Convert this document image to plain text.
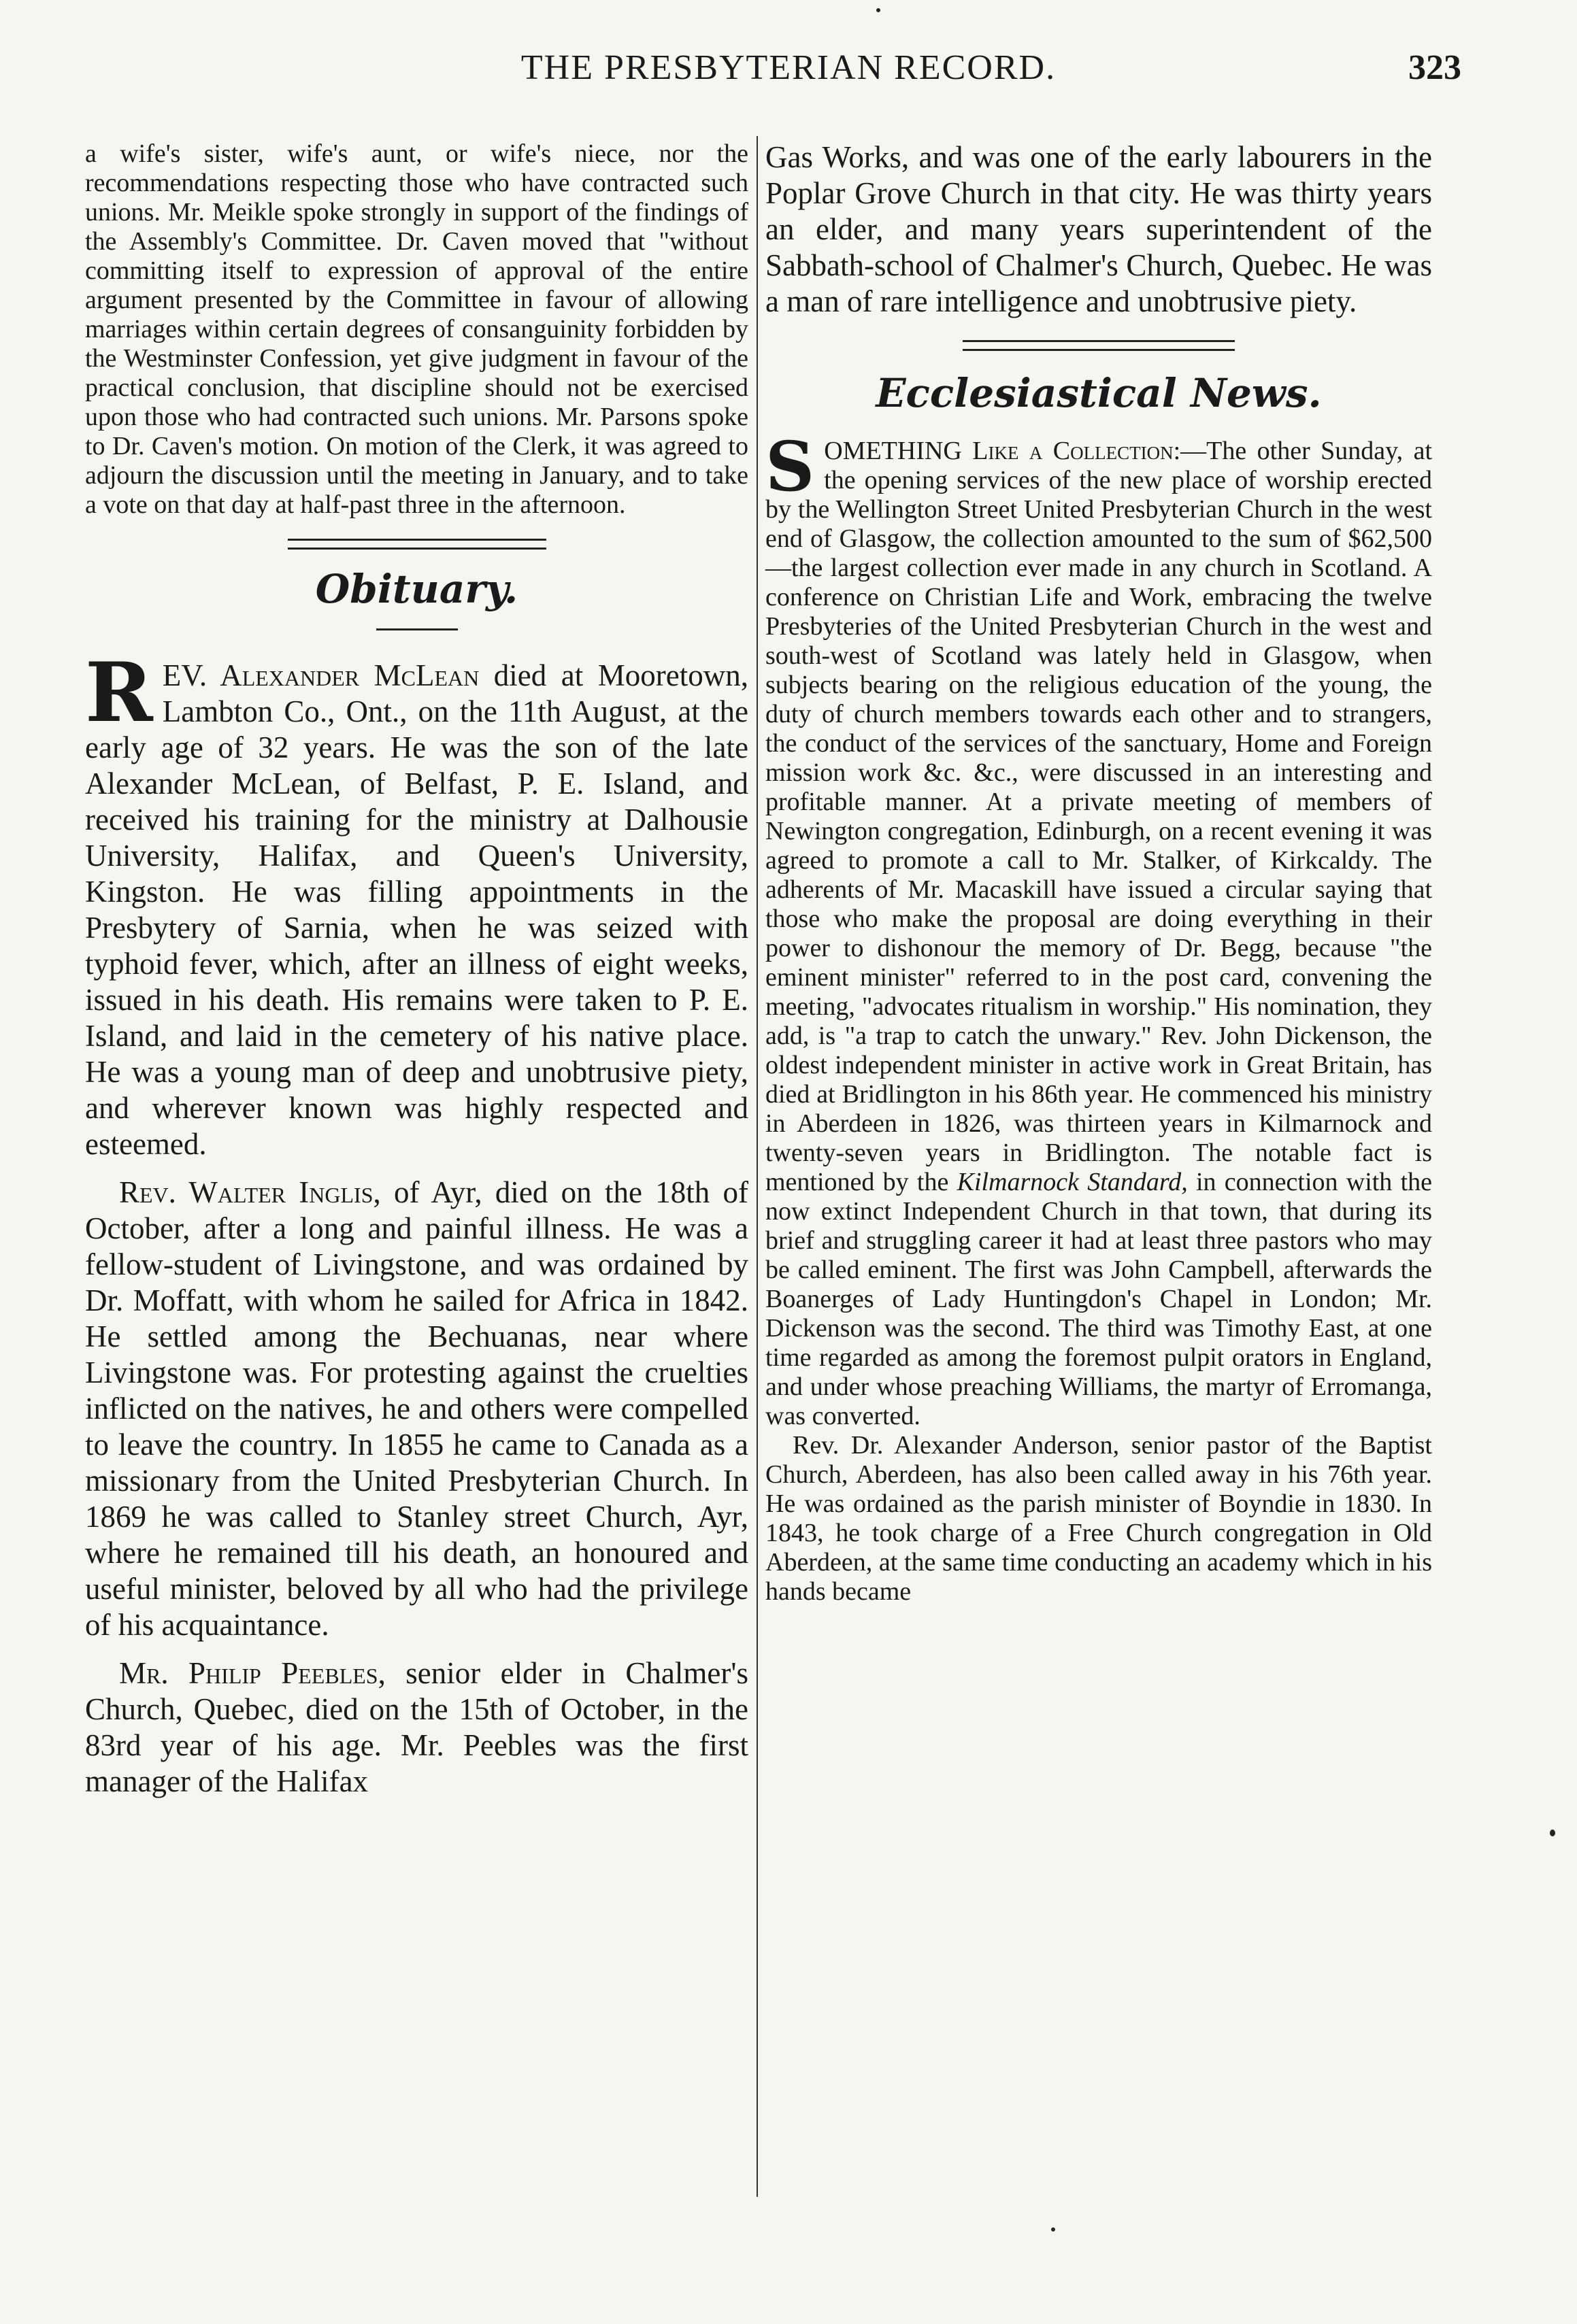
THE PRESBYTERIAN RECORD.	323

a wife's sister, wife's aunt, or wife's niece, nor the recommendations respecting those who have contracted such unions. Mr. Meikle spoke strongly in support of the findings of the Assembly's Committee. Dr. Caven moved that "without committing itself to expression of approval of the entire argument presented by the Committee in favour of allowing marriages within certain degrees of consanguinity forbidden by the Westminster Confession, yet give judgment in favour of the practical conclusion, that discipline should not be exercised upon those who had contracted such unions. Mr. Parsons spoke to Dr. Caven's motion. On motion of the Clerk, it was agreed to adjourn the discussion until the meeting in January, and to take a vote on that day at half-past three in the afternoon.

Obituary.

REV. Alexander McLean died at Mooretown, Lambton Co., Ont., on the 11th August, at the early age of 32 years. He was the son of the late Alexander McLean, of Belfast, P. E. Island, and received his training for the ministry at Dalhousie University, Halifax, and Queen's University, Kingston. He was filling appointments in the Presbytery of Sarnia, when he was seized with typhoid fever, which, after an illness of eight weeks, issued in his death. His remains were taken to P. E. Island, and laid in the cemetery of his native place. He was a young man of deep and unobtrusive piety, and wherever known was highly respected and esteemed.

Rev. Walter Inglis, of Ayr, died on the 18th of October, after a long and painful illness. He was a fellow-student of Livingstone, and was ordained by Dr. Moffatt, with whom he sailed for Africa in 1842. He settled among the Bechuanas, near where Livingstone was. For protesting against the cruelties inflicted on the natives, he and others were compelled to leave the country. In 1855 he came to Canada as a missionary from the United Presbyterian Church. In 1869 he was called to Stanley street Church, Ayr, where he remained till his death, an honoured and useful minister, beloved by all who had the privilege of his acquaintance.

Mr. Philip Peebles, senior elder in Chalmer's Church, Quebec, died on the 15th of October, in the 83rd year of his age. Mr. Peebles was the first manager of the Halifax

Gas Works, and was one of the early labourers in the Poplar Grove Church in that city. He was thirty years an elder, and many years superintendent of the Sabbath-school of Chalmer's Church, Quebec. He was a man of rare intelligence and unobtrusive piety.

Ecclesiastical News.

SOMETHING Like a Collection:—The other Sunday, at the opening services of the new place of worship erected by the Wellington Street United Presbyterian Church in the west end of Glasgow, the collection amounted to the sum of $62,500—the largest collection ever made in any church in Scotland. A conference on Christian Life and Work, embracing the twelve Presbyteries of the United Presbyterian Church in the west and south-west of Scotland was lately held in Glasgow, when subjects bearing on the religious education of the young, the duty of church members towards each other and to strangers, the conduct of the services of the sanctuary, Home and Foreign mission work &c. &c., were discussed in an interesting and profitable manner. At a private meeting of members of Newington congregation, Edinburgh, on a recent evening it was agreed to promote a call to Mr. Stalker, of Kirkcaldy. The adherents of Mr. Macaskill have issued a circular saying that those who make the proposal are doing everything in their power to dishonour the memory of Dr. Begg, because "the eminent minister" referred to in the post card, convening the meeting, "advocates ritualism in worship." His nomination, they add, is "a trap to catch the unwary." Rev. John Dickenson, the oldest independent minister in active work in Great Britain, has died at Bridlington in his 86th year. He commenced his ministry in Aberdeen in 1826, was thirteen years in Kilmarnock and twenty-seven years in Bridlington. The notable fact is mentioned by the Kilmarnock Standard, in connection with the now extinct Independent Church in that town, that during its brief and struggling career it had at least three pastors who may be called eminent. The first was John Campbell, afterwards the Boanerges of Lady Huntingdon's Chapel in London; Mr. Dickenson was the second. The third was Timothy East, at one time regarded as among the foremost pulpit orators in England, and under whose preaching Williams, the martyr of Erromanga, was converted.

Rev. Dr. Alexander Anderson, senior pastor of the Baptist Church, Aberdeen, has also been called away in his 76th year. He was ordained as the parish minister of Boyndie in 1830. In 1843, he took charge of a Free Church congregation in Old Aberdeen, at the same time conducting an academy which in his hands became
